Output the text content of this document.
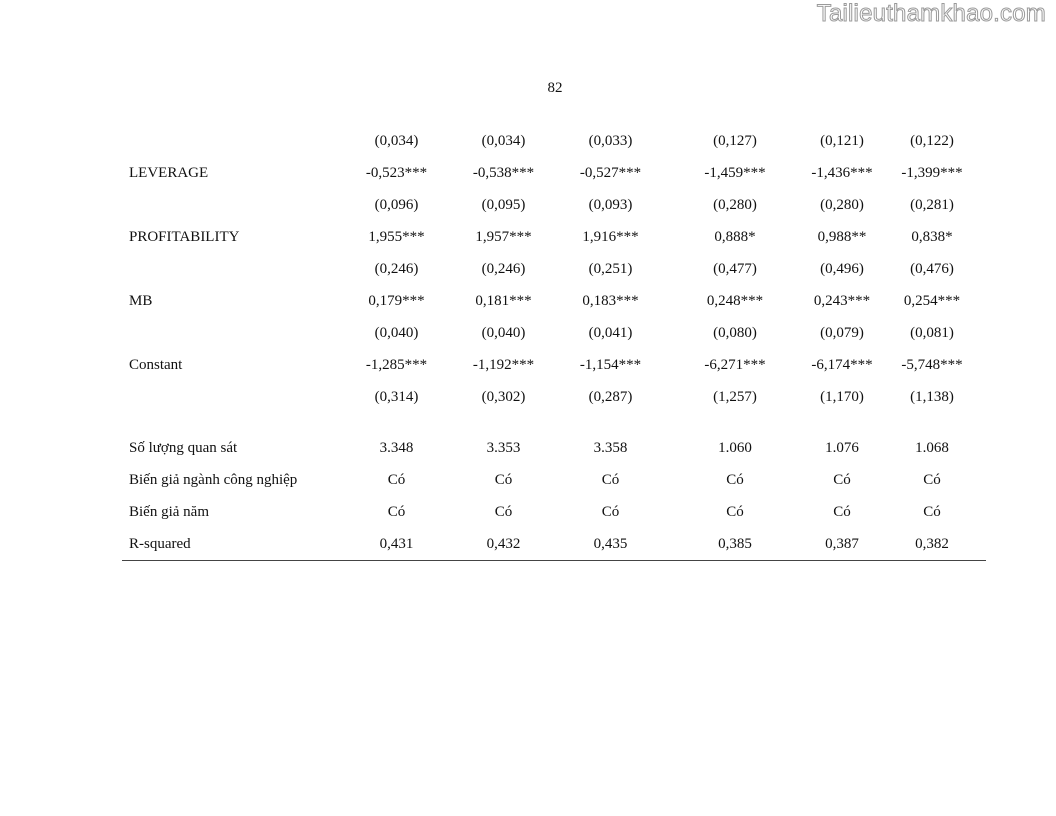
Tailieuthamkhao.com
82
	(0,034)	(0,034)	(0,033)	(0,127)	(0,121)	(0,122)
LEVERAGE	-0,523***	-0,538***	-0,527***	-1,459***	-1,436***	-1,399***
	(0,096)	(0,095)	(0,093)	(0,280)	(0,280)	(0,281)
PROFITABILITY	1,955***	1,957***	1,916***	0,888*	0,988**	0,838*
	(0,246)	(0,246)	(0,251)	(0,477)	(0,496)	(0,476)
MB	0,179***	0,181***	0,183***	0,248***	0,243***	0,254***
	(0,040)	(0,040)	(0,041)	(0,080)	(0,079)	(0,081)
Constant	-1,285***	-1,192***	-1,154***	-6,271***	-6,174***	-5,748***
	(0,314)	(0,302)	(0,287)	(1,257)	(1,170)	(1,138)

Số lượng quan sát	3.348	3.353	3.358	1.060	1.076	1.068
Biến giả ngành công nghiệp	Có	Có	Có	Có	Có	Có
Biến giả năm	Có	Có	Có	Có	Có	Có
R-squared	0,431	0,432	0,435	0,385	0,387	0,382
